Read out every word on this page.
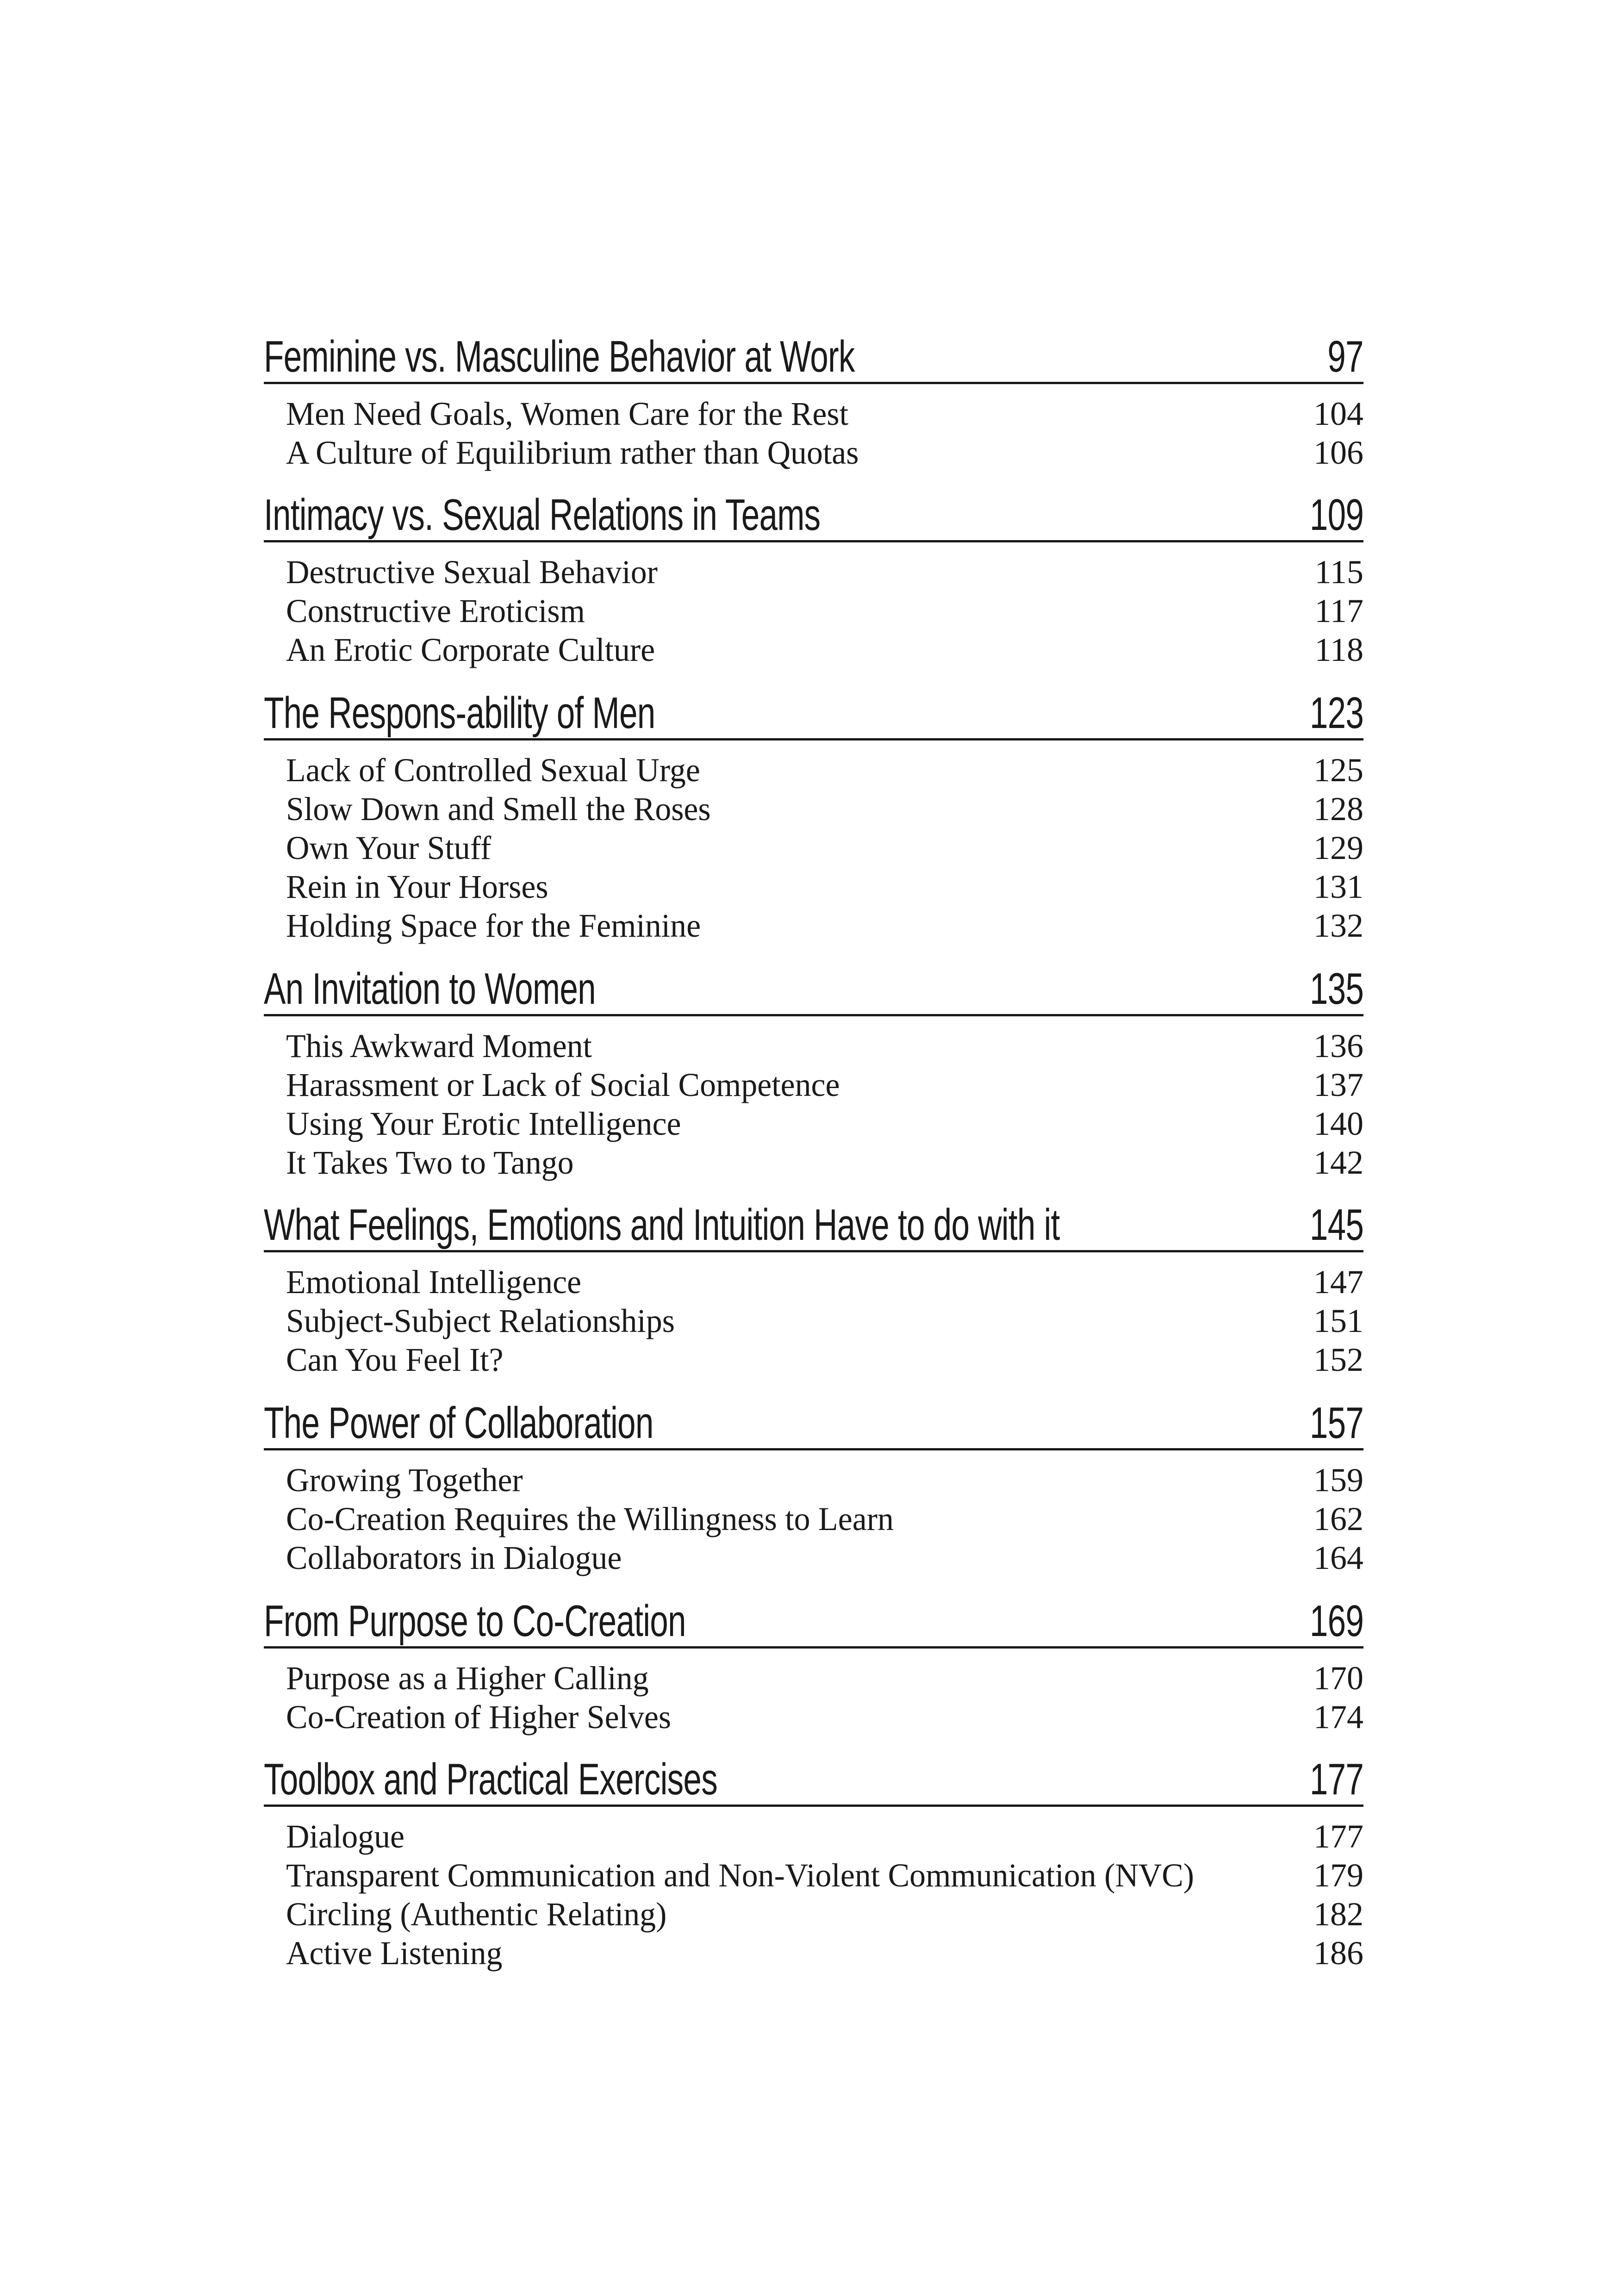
Feminine vs. Masculine Behavior at Work	97
Men Need Goals, Women Care for the Rest	104
A Culture of Equilibrium rather than Quotas	106
Intimacy vs. Sexual Relations in Teams	109
Destructive Sexual Behavior	115
Constructive Eroticism	117
An Erotic Corporate Culture	118
The Respons-ability of Men	123
Lack of Controlled Sexual Urge	125
Slow Down and Smell the Roses	128
Own Your Stuff	129
Rein in Your Horses	131
Holding Space for the Feminine	132
An Invitation to Women	135
This Awkward Moment	136
Harassment or Lack of Social Competence	137
Using Your Erotic Intelligence	140
It Takes Two to Tango	142
What Feelings, Emotions and Intuition Have to do with it	145
Emotional Intelligence	147
Subject-Subject Relationships	151
Can You Feel It?	152
The Power of Collaboration	157
Growing Together	159
Co-Creation Requires the Willingness to Learn	162
Collaborators in Dialogue	164
From Purpose to Co-Creation	169
Purpose as a Higher Calling	170
Co-Creation of Higher Selves	174
Toolbox and Practical Exercises	177
Dialogue	177
Transparent Communication and Non-Violent Communication (NVC)	179
Circling (Authentic Relating)	182
Active Listening	186
